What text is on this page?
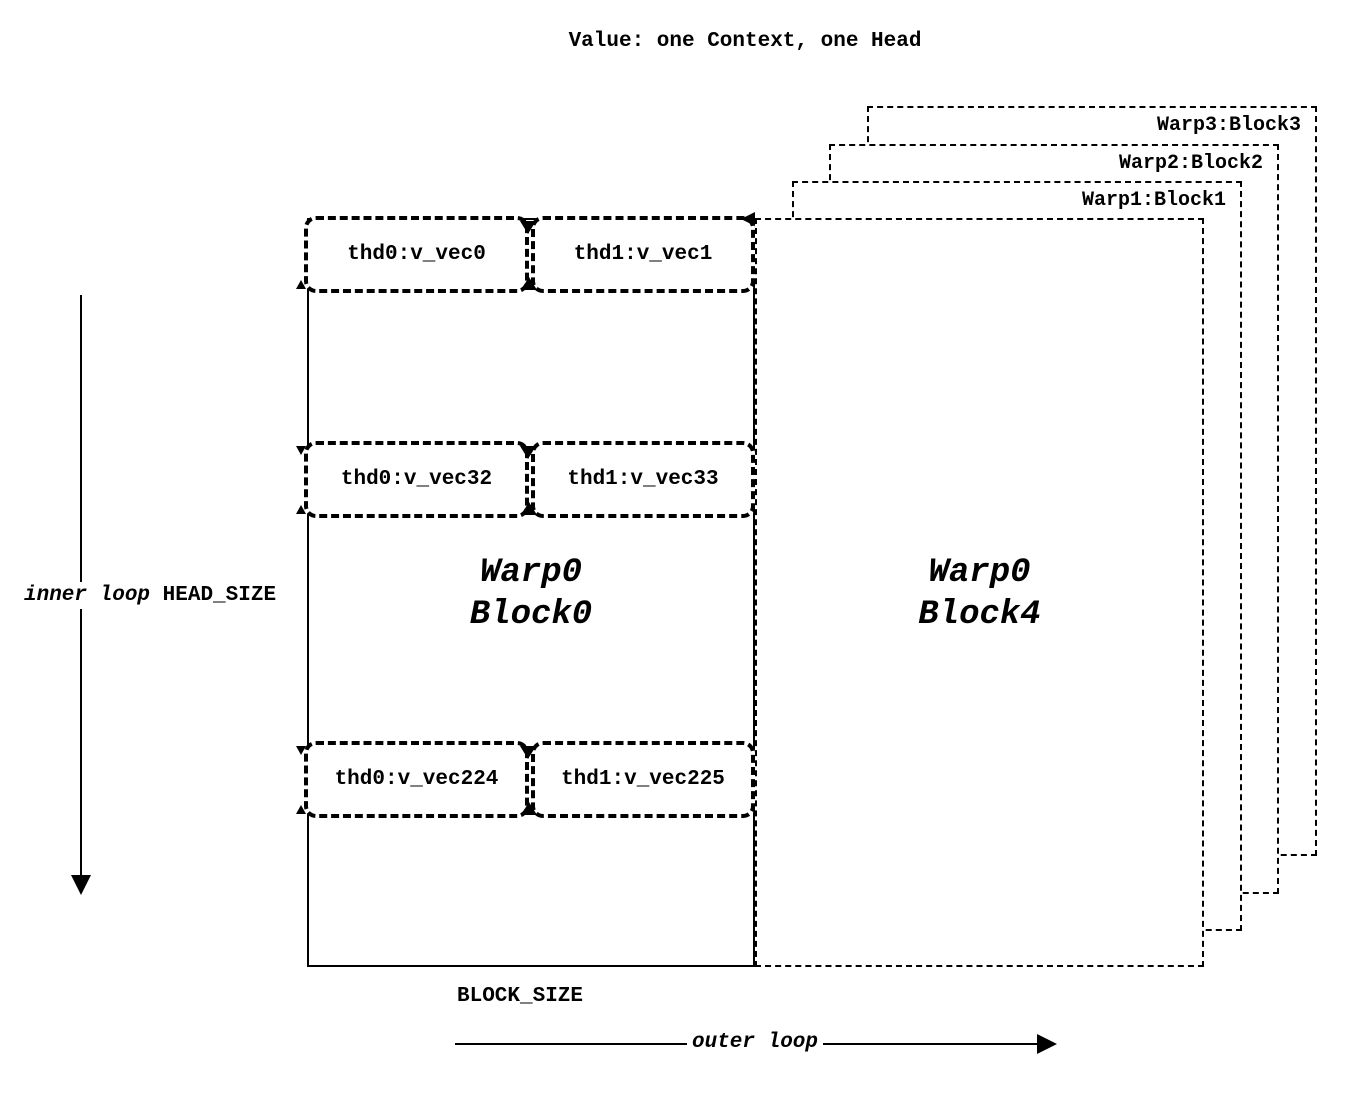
Value: one Context, one Head
Warp3:Block3
Warp2:Block2
Warp1:Block1
Warp0
Block0
Warp0
Block4
thd0:v_vec0	thd1:v_vec1
thd0:v_vec32	thd1:v_vec33
thd0:v_vec224	thd1:v_vec225
inner loop HEAD_SIZE
BLOCK_SIZE
outer loop
